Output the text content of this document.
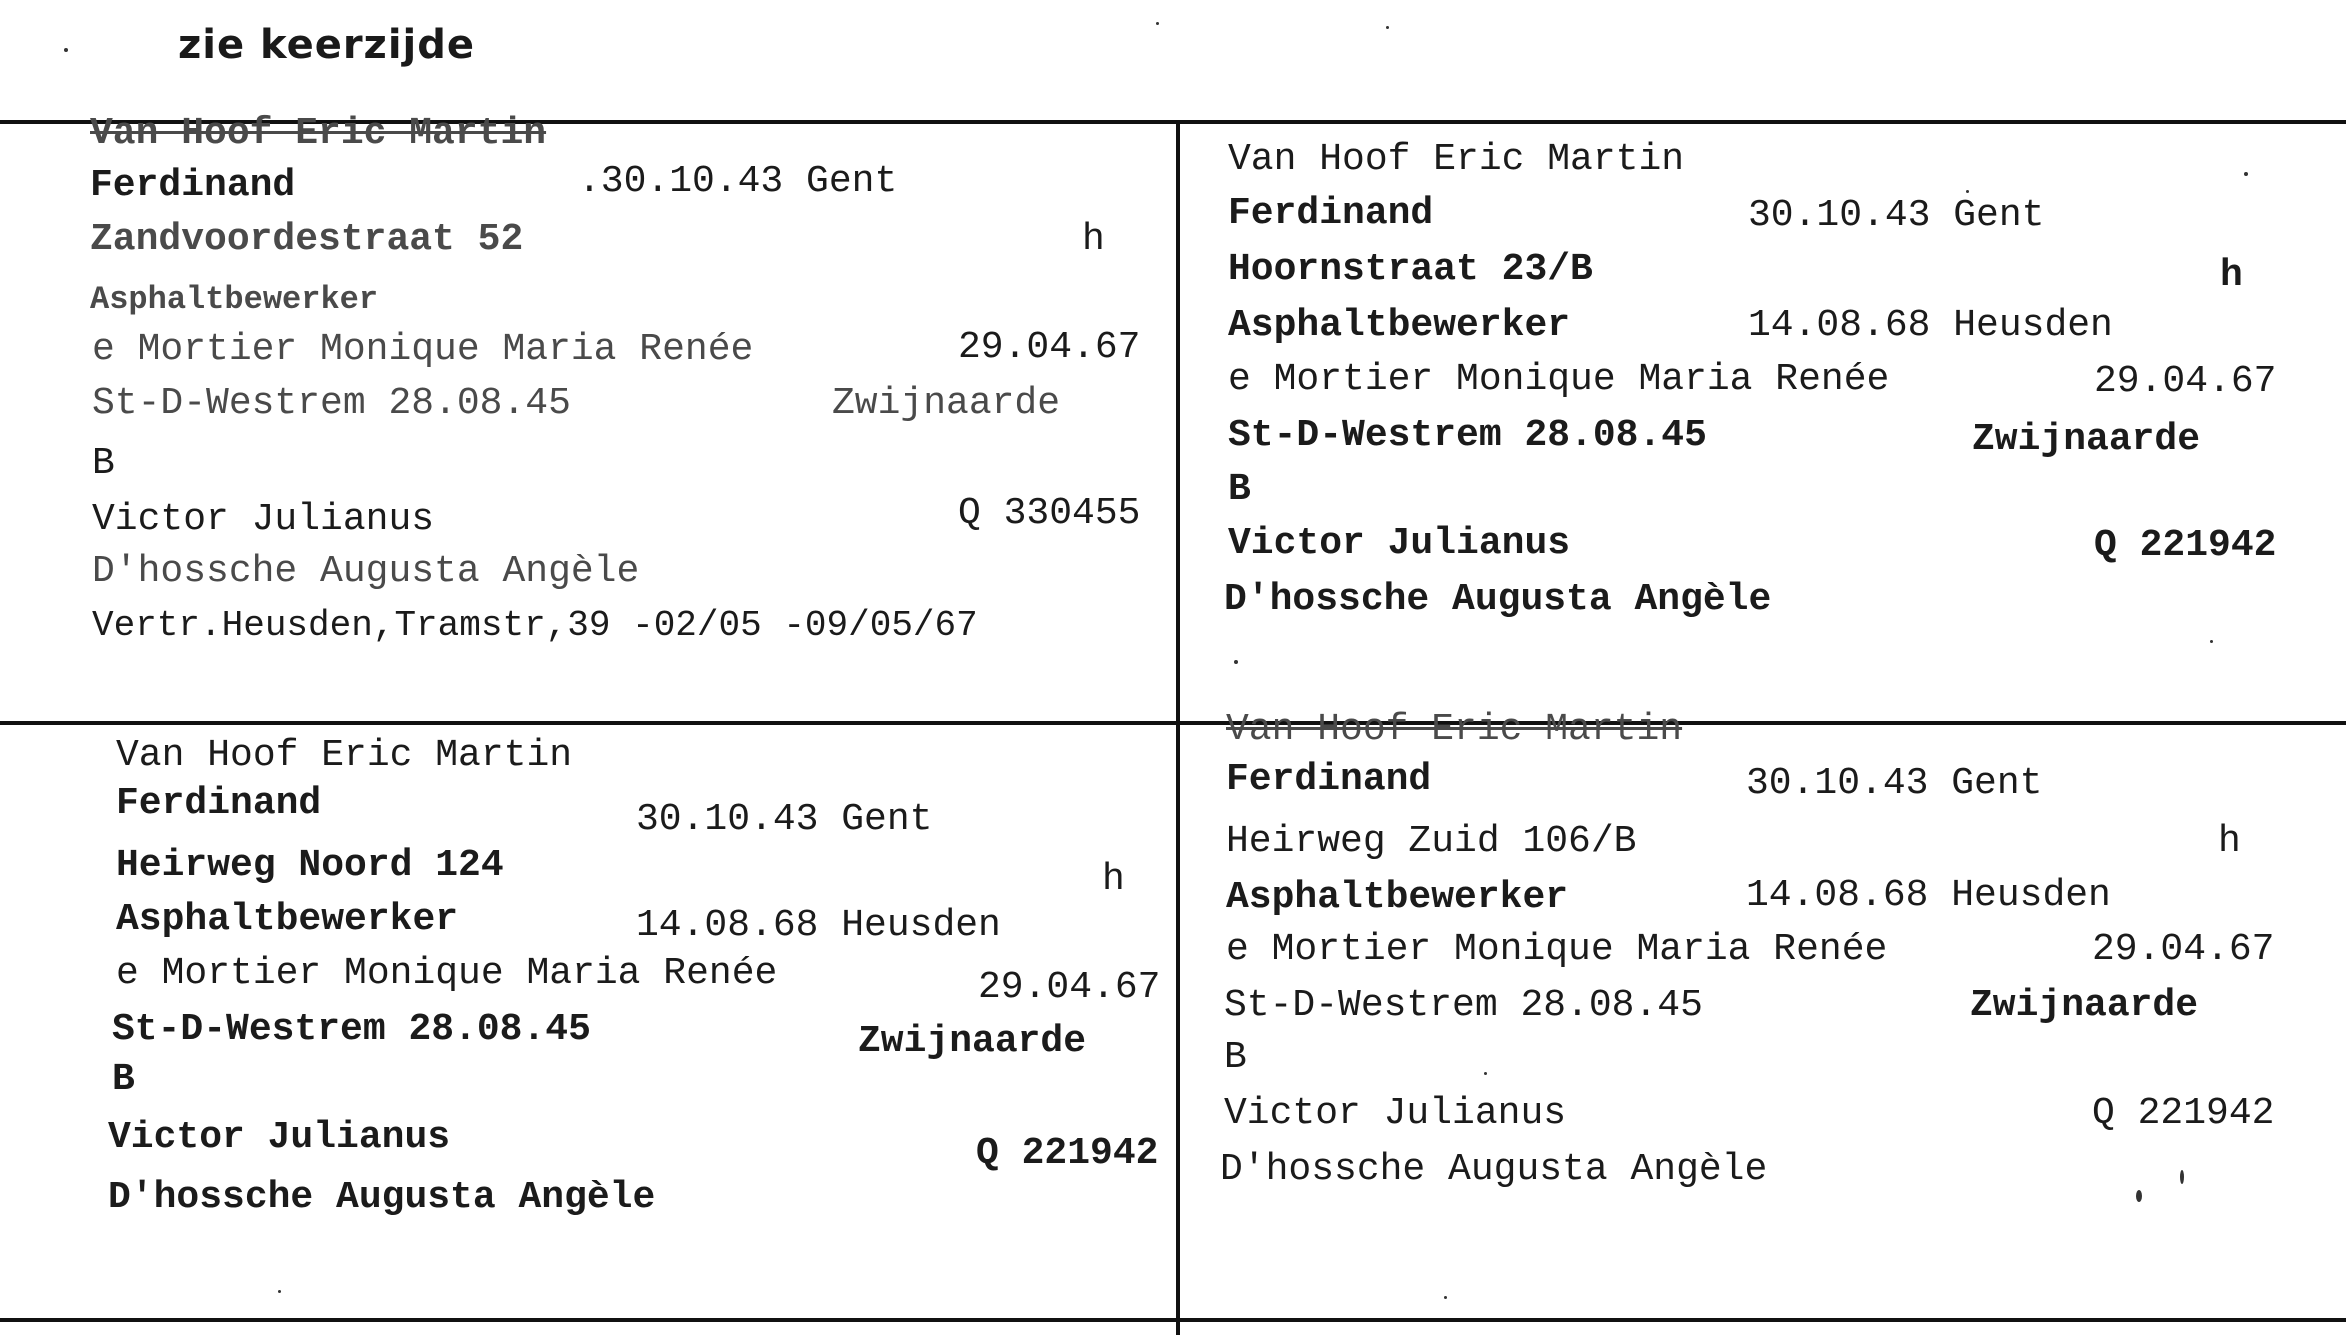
zie keerzijde
Van Hoof Eric Martin
Ferdinand	.30.10.43 Gent
Zandvoordestraat 52	h
Asphaltbewerker
e Mortier Monique Maria Renée	29.04.67
St-D-Westrem 28.08.45	Zwijnaarde
B
Victor Julianus	Q 330455
D'hossche Augusta Angèle
Vertr.Heusden,Tramstr,39 -02/05 -09/05/67
Van Hoof Eric Martin
Ferdinand	30.10.43 Gent
Hoornstraat 23/B	h
Asphaltbewerker	14.08.68 Heusden
e Mortier Monique Maria Renée	29.04.67
St-D-Westrem 28.08.45	Zwijnaarde
B
Victor Julianus	Q 221942
D'hossche Augusta Angèle
Van Hoof Eric Martin
Ferdinand	30.10.43 Gent
Heirweg Noord 124	h
Asphaltbewerker	14.08.68 Heusden
e Mortier Monique Maria Renée	29.04.67
St-D-Westrem 28.08.45	Zwijnaarde
B
Victor Julianus	Q 221942
D'hossche Augusta Angèle
Van Hoof Eric Martin
Ferdinand	30.10.43 Gent
Heirweg Zuid 106/B	h
Asphaltbewerker	14.08.68 Heusden
e Mortier Monique Maria Renée	29.04.67
St-D-Westrem 28.08.45	Zwijnaarde
B
Victor Julianus	Q 221942
D'hossche Augusta Angèle
